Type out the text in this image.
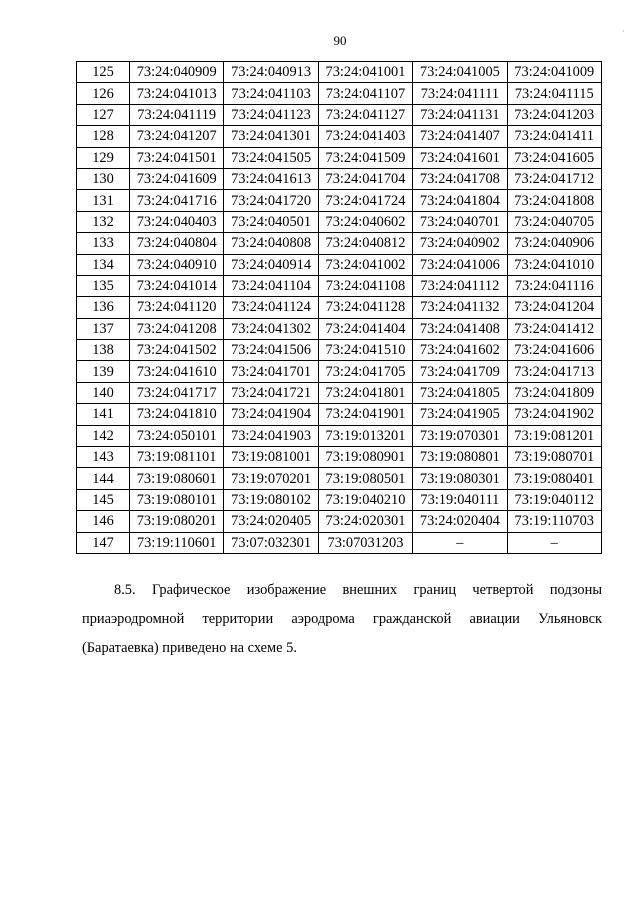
90
·
125	73:24:040909	73:24:040913	73:24:041001	73:24:041005	73:24:041009
126	73:24:041013	73:24:041103	73:24:041107	73:24:041111	73:24:041115
127	73:24:041119	73:24:041123	73:24:041127	73:24:041131	73:24:041203
128	73:24:041207	73:24:041301	73:24:041403	73:24:041407	73:24:041411
129	73:24:041501	73:24:041505	73:24:041509	73:24:041601	73:24:041605
130	73:24:041609	73:24:041613	73:24:041704	73:24:041708	73:24:041712
131	73:24:041716	73:24:041720	73:24:041724	73:24:041804	73:24:041808
132	73:24:040403	73:24:040501	73:24:040602	73:24:040701	73:24:040705
133	73:24:040804	73:24:040808	73:24:040812	73:24:040902	73:24:040906
134	73:24:040910	73:24:040914	73:24:041002	73:24:041006	73:24:041010
135	73:24:041014	73:24:041104	73:24:041108	73:24:041112	73:24:041116
136	73:24:041120	73:24:041124	73:24:041128	73:24:041132	73:24:041204
137	73:24:041208	73:24:041302	73:24:041404	73:24:041408	73:24:041412
138	73:24:041502	73:24:041506	73:24:041510	73:24:041602	73:24:041606
139	73:24:041610	73:24:041701	73:24:041705	73:24:041709	73:24:041713
140	73:24:041717	73:24:041721	73:24:041801	73:24:041805	73:24:041809
141	73:24:041810	73:24:041904	73:24:041901	73:24:041905	73:24:041902
142	73:24:050101	73:24:041903	73:19:013201	73:19:070301	73:19:081201
143	73:19:081101	73:19:081001	73:19:080901	73:19:080801	73:19:080701
144	73:19:080601	73:19:070201	73:19:080501	73:19:080301	73:19:080401
145	73:19:080101	73:19:080102	73:19:040210	73:19:040111	73:19:040112
146	73:19:080201	73:24:020405	73:24:020301	73:24:020404	73:19:110703
147	73:19:110601	73:07:032301	73:07031203	–	–
8.5. Графическое изображение внешних границ четвертой подзоны
приаэродромной территории аэродрома гражданской авиации Ульяновск
(Баратаевка) приведено на схеме 5.
